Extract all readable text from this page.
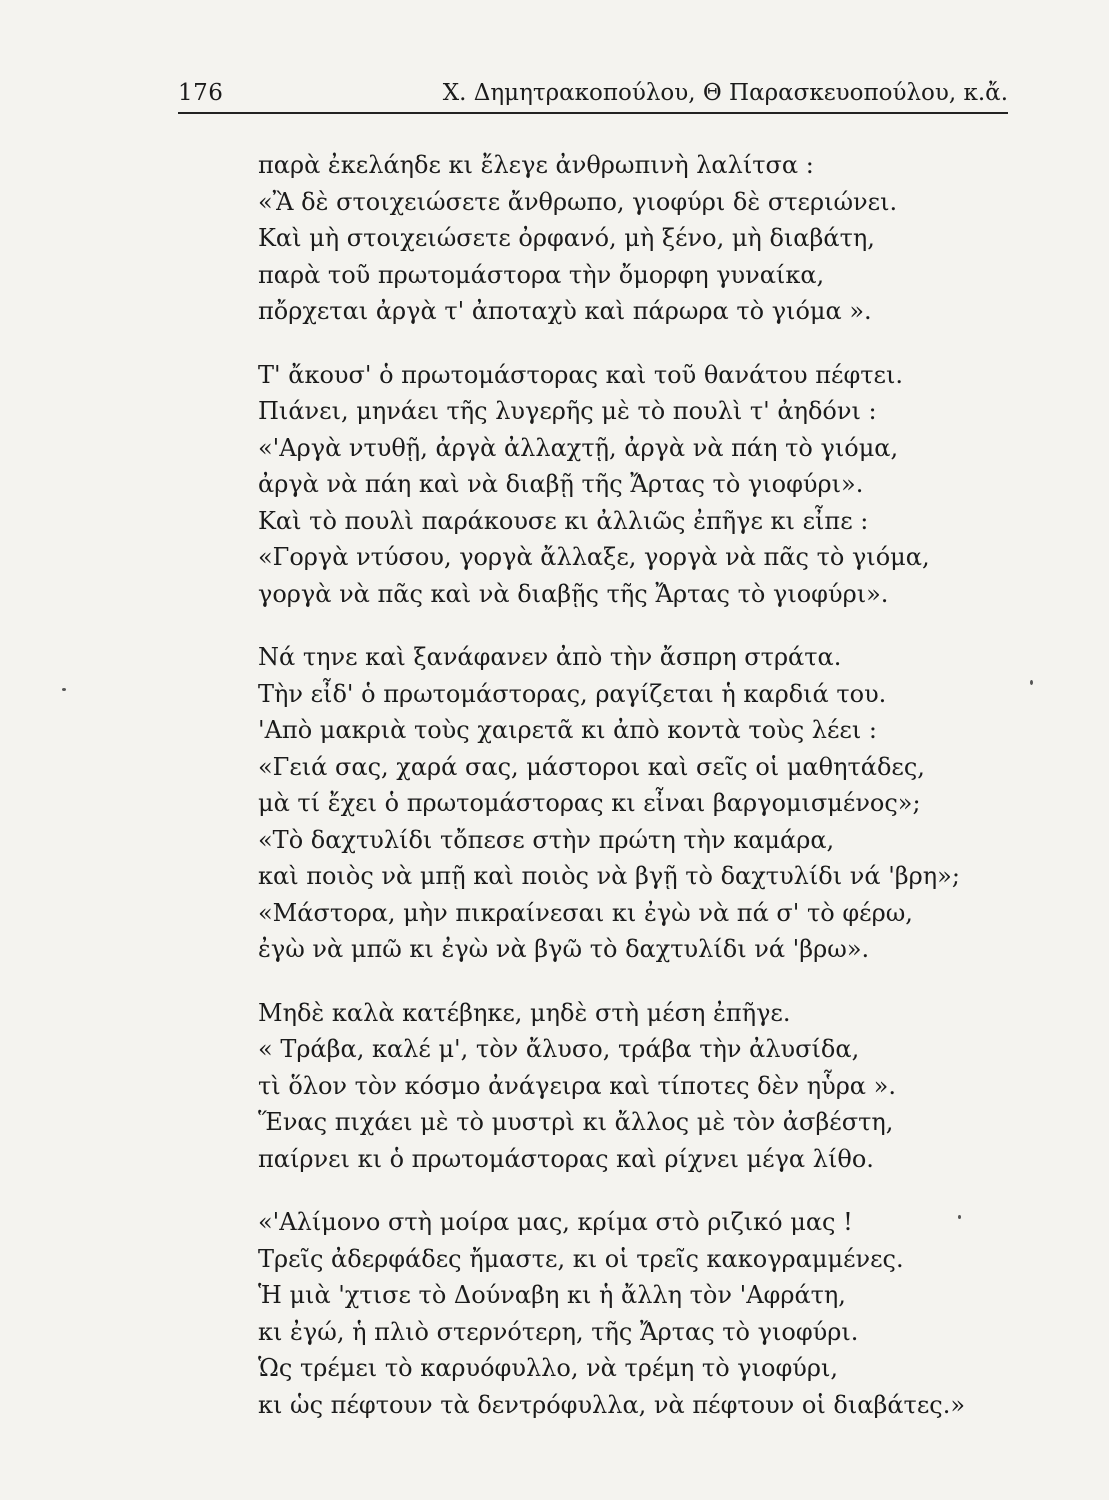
176	Χ. Δημητρακοπούλου, Θ Παρασκευοπούλου, κ.ἄ.
παρὰ ἐκελάηδε κι ἔλεγε ἀνθρωπινὴ λαλίτσα :
«Ἂ δὲ στοιχειώσετε ἄνθρωπο, γιοφύρι δὲ στεριώνει.
Καὶ μὴ στοιχειώσετε ὀρφανό, μὴ ξένο, μὴ διαβάτη,
παρὰ τοῦ πρωτομάστορα τὴν ὄμορφη γυναίκα,
πὄρχεται ἀργὰ τ' ἀποταχὺ καὶ πάρωρα τὸ γιόμα ».
Τ' ἄκουσ' ὁ πρωτομάστορας καὶ τοῦ θανάτου πέφτει.
Πιάνει, μηνάει τῆς λυγερῆς μὲ τὸ πουλὶ τ' ἀηδόνι :
«'Αργὰ ντυθῇ, ἀργὰ ἀλλαχτῇ, ἀργὰ νὰ πάη τὸ γιόμα,
ἀργὰ νὰ πάη καὶ νὰ διαβῇ τῆς Ἄρτας τὸ γιοφύρι».
Καὶ τὸ πουλὶ παράκουσε κι ἀλλιῶς ἐπῆγε κι εἶπε :
«Γοργὰ ντύσου, γοργὰ ἄλλαξε, γοργὰ νὰ πᾶς τὸ γιόμα,
γοργὰ νὰ πᾶς καὶ νὰ διαβῇς τῆς Ἄρτας τὸ γιοφύρι».
Νά τηνε καὶ ξανάφανεν ἀπὸ τὴν ἄσπρη στράτα.
Τὴν εἶδ' ὁ πρωτομάστορας, ραγίζεται ἡ καρδιά του.
'Απὸ μακριὰ τοὺς χαιρετᾶ κι ἀπὸ κοντὰ τοὺς λέει :
«Γειά σας, χαρά σας, μάστοροι καὶ σεῖς οἱ μαθητάδες,
μὰ τί ἔχει ὁ πρωτομάστορας κι εἶναι βαργομισμένος»;
«Τὸ δαχτυλίδι τὄπεσε στὴν πρώτη τὴν καμάρα,
καὶ ποιὸς νὰ μπῇ καὶ ποιὸς νὰ βγῇ τὸ δαχτυλίδι νά 'βρη»;
«Μάστορα, μὴν πικραίνεσαι κι ἐγὼ νὰ πά σ' τὸ φέρω,
ἐγὼ νὰ μπῶ κι ἐγὼ νὰ βγῶ τὸ δαχτυλίδι νά 'βρω».
Μηδὲ καλὰ κατέβηκε, μηδὲ στὴ μέση ἐπῆγε.
« Τράβα, καλέ μ', τὸν ἄλυσο, τράβα τὴν ἀλυσίδα,
τὶ ὅλον τὸν κόσμο ἀνάγειρα καὶ τίποτες δὲν ηὗρα ».
Ἕνας πιχάει μὲ τὸ μυστρὶ κι ἄλλος μὲ τὸν ἀσβέστη,
παίρνει κι ὁ πρωτομάστορας καὶ ρίχνει μέγα λίθο.
«'Αλίμονο στὴ μοίρα μας, κρίμα στὸ ριζικό μας !
Τρεῖς ἀδερφάδες ἤμαστε, κι οἱ τρεῖς κακογραμμένες.
Ἡ μιὰ 'χτισε τὸ Δούναβη κι ἡ ἄλλη τὸν 'Αφράτη,
κι ἐγώ, ἡ πλιὸ στερνότερη, τῆς Ἄρτας τὸ γιοφύρι.
Ὡς τρέμει τὸ καρυόφυλλο, νὰ τρέμη τὸ γιοφύρι,
κι ὡς πέφτουν τὰ δεντρόφυλλα, νὰ πέφτουν οἱ διαβάτες.»
